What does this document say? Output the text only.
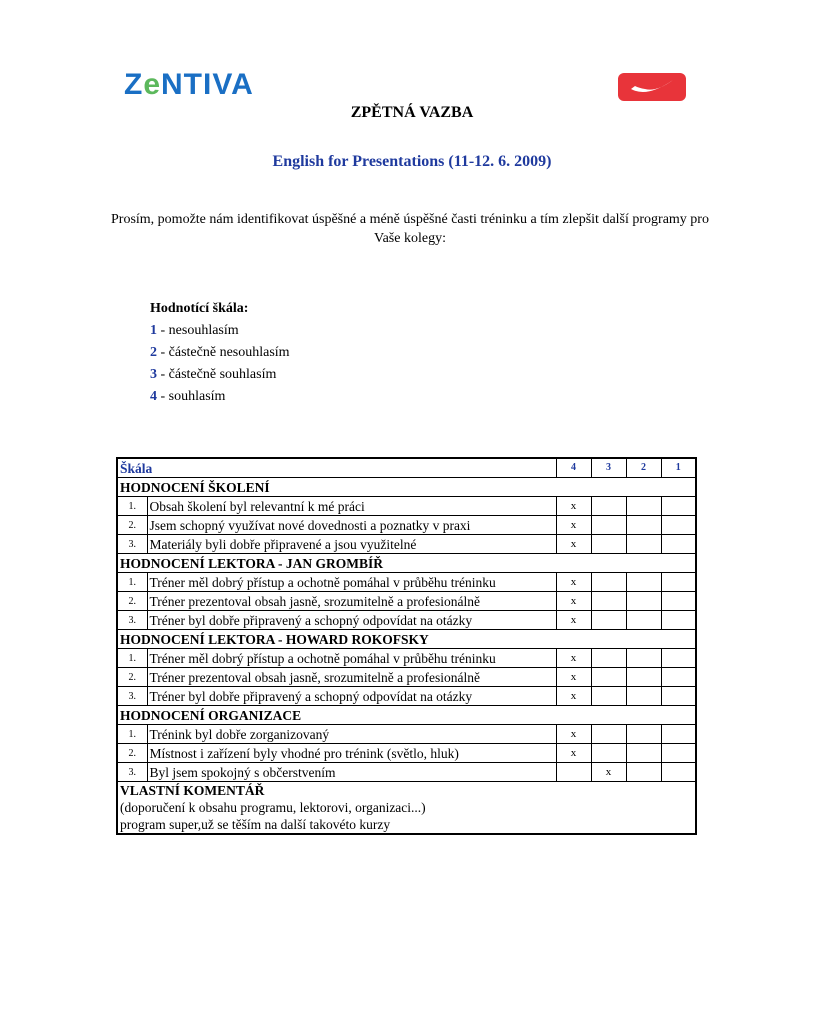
ZeNTIVA
ZPĚTNÁ VAZBA
English for Presentations (11-12. 6. 2009)
Prosím, pomožte nám identifikovat úspěšné a méně úspěšné časti tréninku a tím zlepšit další programy pro Vaše kolegy:
Hodnotící škála:
1 - nesouhlasím
2 - částečně nesouhlasím
3 - částečně souhlasím
4 - souhlasím
Škála		4	3	2	1
HODNOCENÍ ŠKOLENÍ					
1.	Obsah školení byl relevantní k mé práci	x			
2.	Jsem schopný využívat nové dovednosti a poznatky v praxi	x			
3.	Materiály byli dobře připravené a jsou využitelné	x			
HODNOCENÍ LEKTORA - JAN GROMBÍŘ					
1.	Tréner měl dobrý přístup a ochotně pomáhal v průběhu tréninku	x			
2.	Tréner prezentoval obsah jasně, srozumitelně a profesionálně	x			
3.	Tréner byl dobře připravený a schopný odpovídat na otázky	x			
HODNOCENÍ LEKTORA - HOWARD ROKOFSKY					
1.	Tréner měl dobrý přístup a ochotně pomáhal v průběhu tréninku	x			
2.	Tréner prezentoval obsah jasně, srozumitelně a profesionálně	x			
3.	Tréner byl dobře připravený a schopný odpovídat na otázky	x			
HODNOCENÍ ORGANIZACE					
1.	Trénink byl dobře zorganizovaný	x			
2.	Místnost i zařízení byly vhodné pro trénink (světlo, hluk)	x			
3.	Byl jsem spokojný s občerstvením		x		

VLASTNÍ KOMENTÁŘ
(doporučení k obsahu programu, lektorovi, organizaci...)
program super,už se těším na další takovéto kurzy					
